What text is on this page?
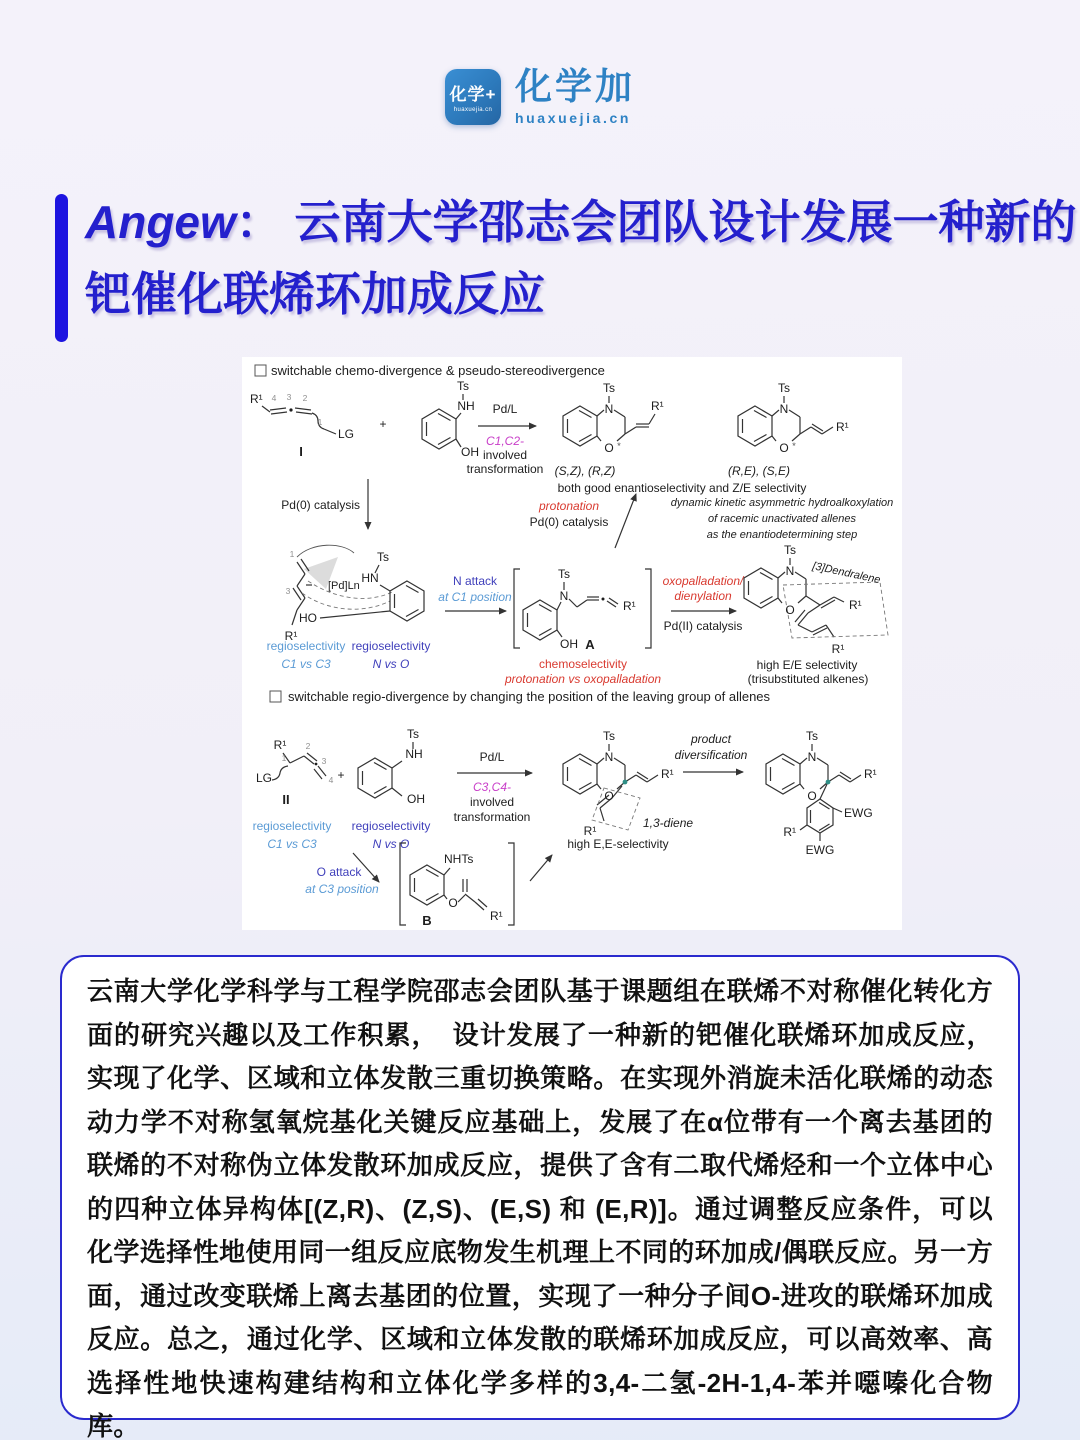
化学+
huaxuejia.cn
化学加
huaxuejia.cn
Angew： 云南大学邵志会团队设计发展一种新的
钯催化联烯环加成反应
switchable chemo-divergence & pseudo-stereodivergence
R¹ 4 3 2
1
LG
I
+
Ts
NH
OH
Pd/L
C1,C2-
involved
transformation
Ts
N
O *
R¹
(S,Z), (R,Z)
Ts
N
O *
R¹
(R,E), (S,E)
both good enantioselectivity and Z/E selectivity
Pd(0) catalysis	protonation
Pd(0) catalysis
dynamic kinetic asymmetric hydroalkoxylation
of racemic unactivated allenes
as the enantiodetermining step
1
3	[Pd]Ln
R¹
Ts
HN
HO
regioselectivity
C1 vs C3
regioselectivity
N vs O
N attack
at C1 position
Ts
N
R¹
OH A
chemoselectivity
protonation vs oxopalladation
oxopalladation/
dienylation
Pd(II) catalysis
Ts
N
O
[3]Dendralene
R¹
R¹
high E/E selectivity
(trisubstituted alkenes)
switchable regio-divergence by changing the position of the leaving group of allenes
R¹
1
2
3
4
LG
II
+
Ts
NH
OH
regioselectivity
C1 vs C3
regioselectivity
N vs O
Pd/L
C3,C4-
involved
transformation
Ts
N
O
R¹
R¹
1,3-diene
high E,E-selectivity
product
diversification
Ts
N
O
R¹
R¹
EWG
EWG
O attack
at C3 position
NHTs
O
R¹
B
云南大学化学科学与工程学院邵志会团队基于课题组在联烯不对称催化转化方面的研究兴趣以及工作积累，　设计发展了一种新的钯催化联烯环加成反应，实现了化学、区域和立体发散三重切换策略。在实现外消旋未活化联烯的动态动力学不对称氢氧烷基化关键反应基础上，发展了在α位带有一个离去基团的联烯的不对称伪立体发散环加成反应，提供了含有二取代烯烃和一个立体中心的四种立体异构体[(Z,R)、(Z,S)、(E,S) 和 (E,R)]。通过调整反应条件，可以化学选择性地使用同一组反应底物发生机理上不同的环加成/偶联反应。另一方面，通过改变联烯上离去基团的位置，实现了一种分子间O-进攻的联烯环加成反应。总之，通过化学、区域和立体发散的联烯环加成反应，可以高效率、高选择性地快速构建结构和立体化学多样的3,4-二氢-2H-1,4-苯并噁嗪化合物库。
